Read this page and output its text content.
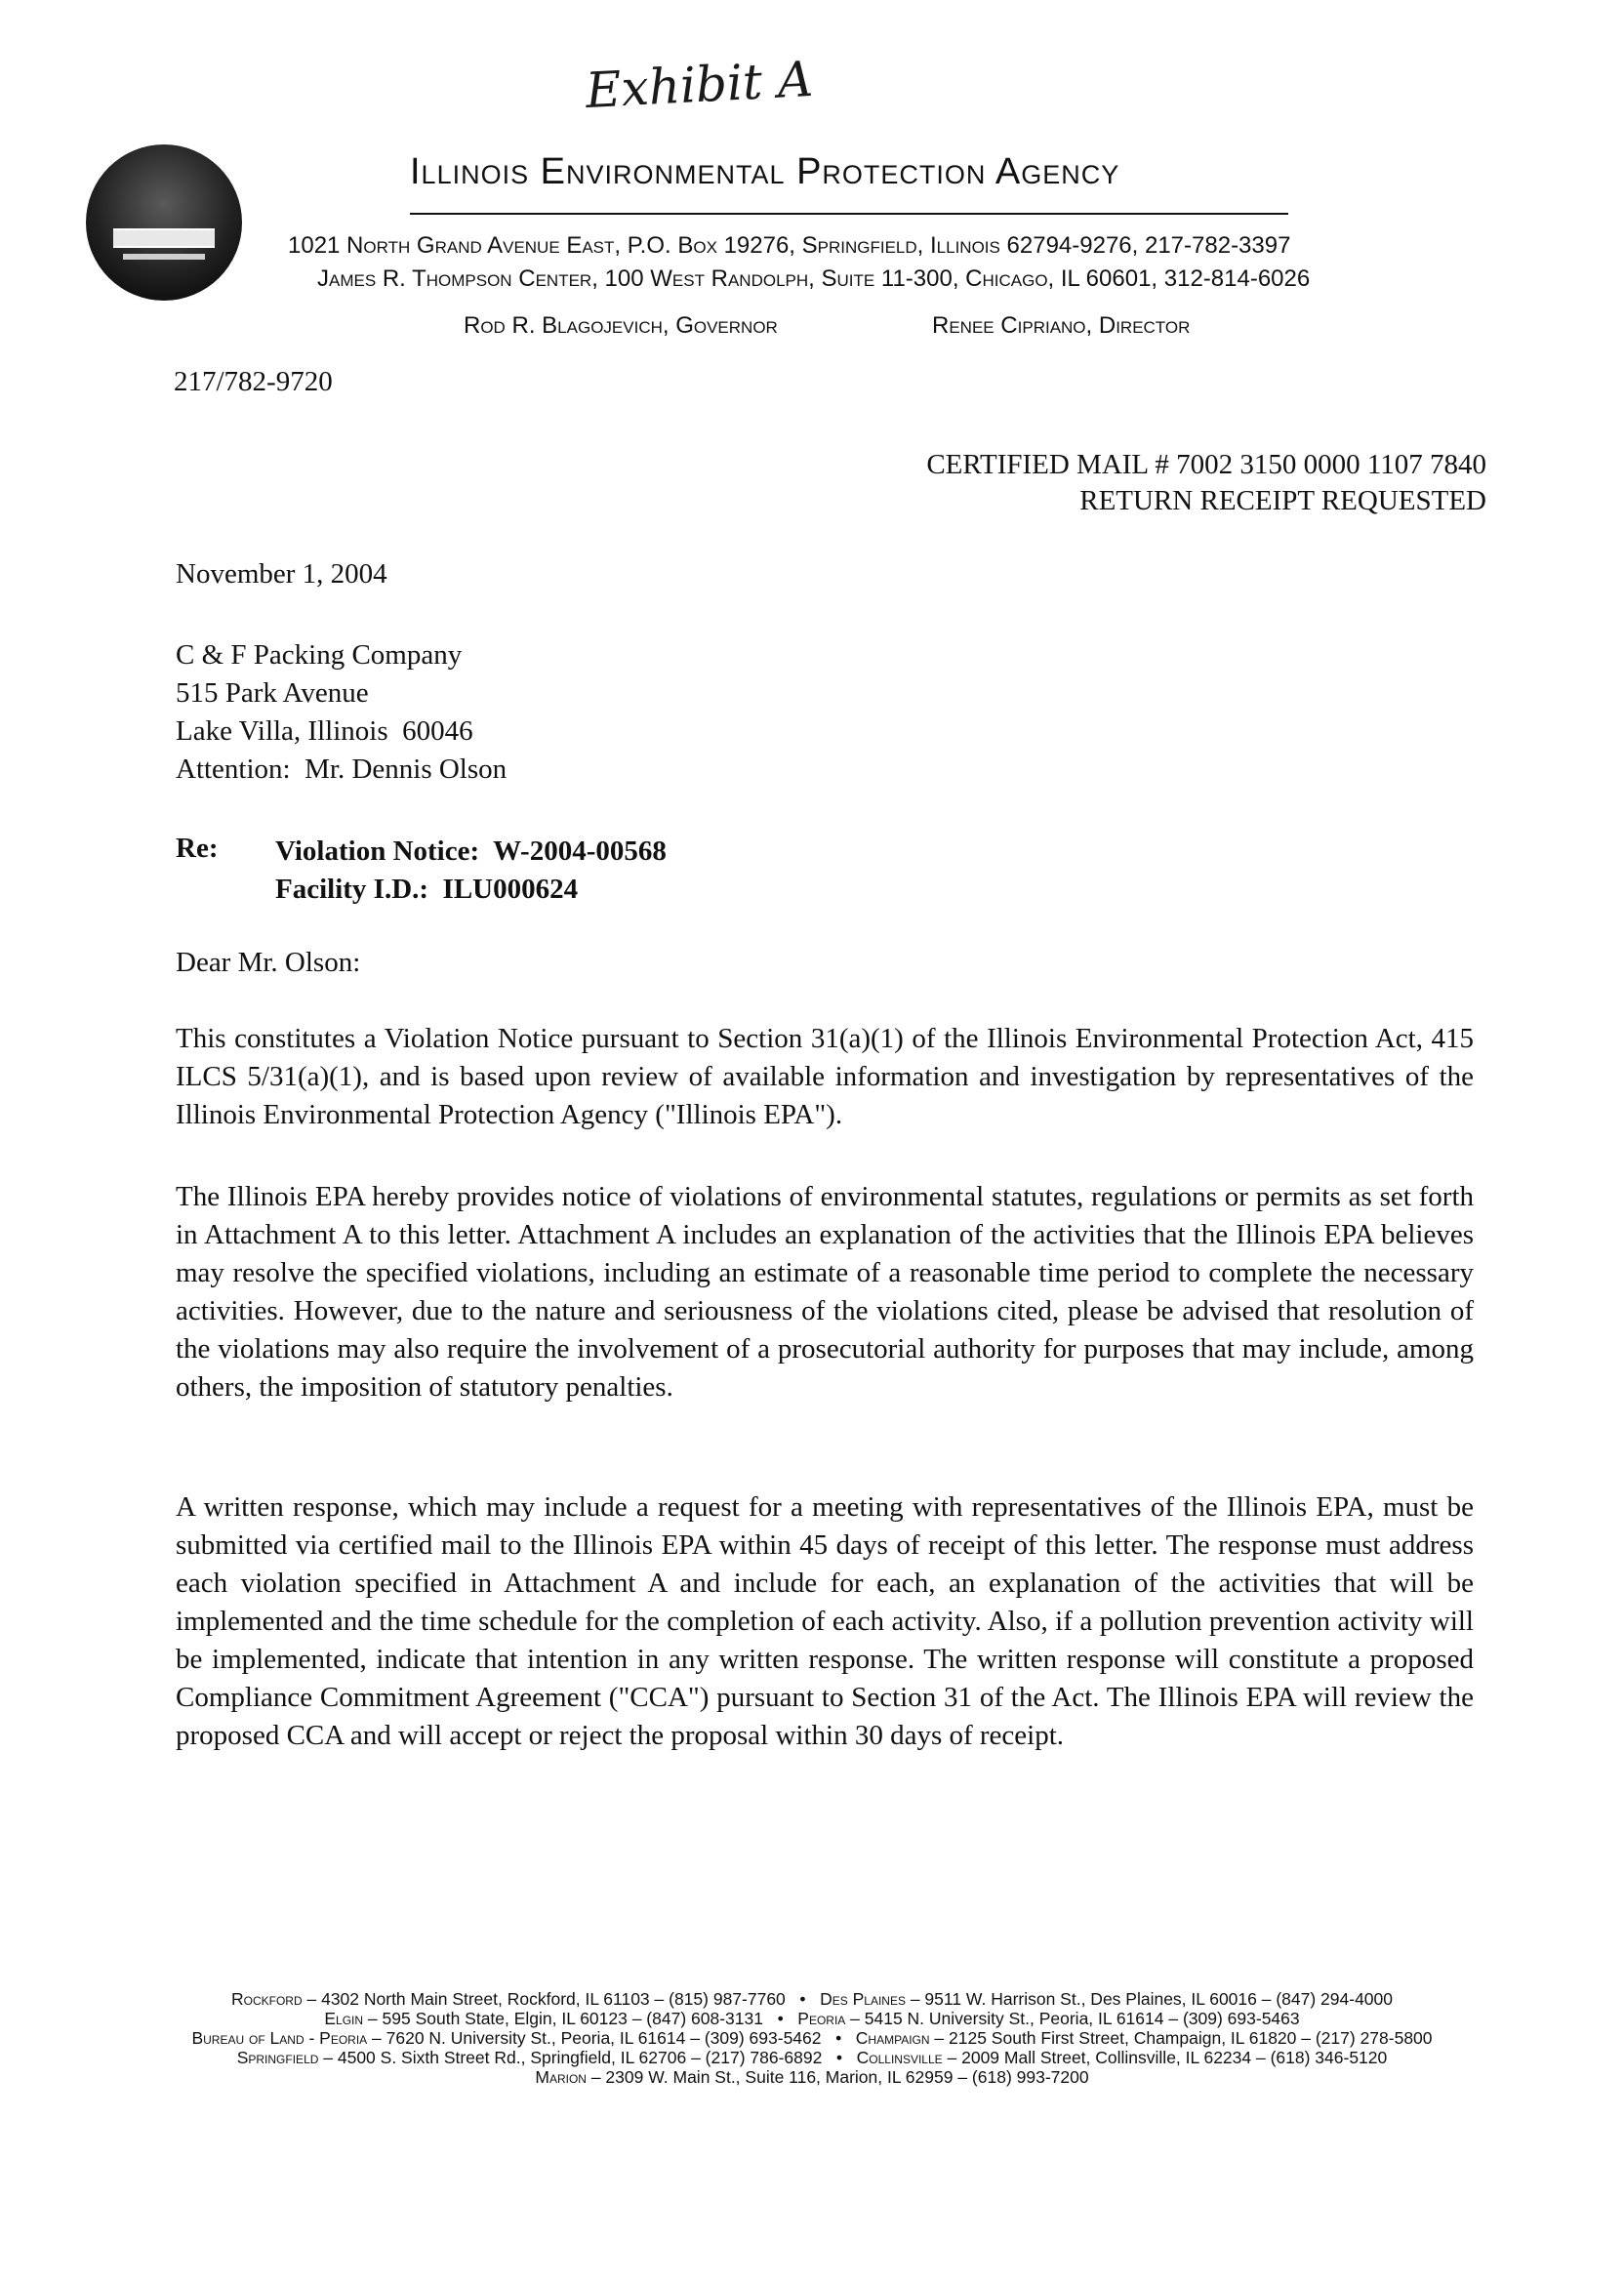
Exhibit A
Illinois Environmental Protection Agency
1021 North Grand Avenue East, P.O. Box 19276, Springfield, Illinois 62794-9276, 217-782-3397
James R. Thompson Center, 100 West Randolph, Suite 11-300, Chicago, IL 60601, 312-814-6026
Rod R. Blagojevich, Governor	Renee Cipriano, Director
217/782-9720
CERTIFIED MAIL # 7002 3150 0000 1107 7840
RETURN RECEIPT REQUESTED
November 1, 2004
C & F Packing Company
515 Park Avenue
Lake Villa, Illinois  60046
Attention:  Mr. Dennis Olson
Re: Violation Notice:  W-2004-00568
Facility I.D.:  ILU000624
Dear Mr. Olson:
This constitutes a Violation Notice pursuant to Section 31(a)(1) of the Illinois Environmental Protection Act, 415 ILCS 5/31(a)(1), and is based upon review of available information and investigation by representatives of the Illinois Environmental Protection Agency ("Illinois EPA").
The Illinois EPA hereby provides notice of violations of environmental statutes, regulations or permits as set forth in Attachment A to this letter. Attachment A includes an explanation of the activities that the Illinois EPA believes may resolve the specified violations, including an estimate of a reasonable time period to complete the necessary activities. However, due to the nature and seriousness of the violations cited, please be advised that resolution of the violations may also require the involvement of a prosecutorial authority for purposes that may include, among others, the imposition of statutory penalties.
A written response, which may include a request for a meeting with representatives of the Illinois EPA, must be submitted via certified mail to the Illinois EPA within 45 days of receipt of this letter. The response must address each violation specified in Attachment A and include for each, an explanation of the activities that will be implemented and the time schedule for the completion of each activity. Also, if a pollution prevention activity will be implemented, indicate that intention in any written response. The written response will constitute a proposed Compliance Commitment Agreement ("CCA") pursuant to Section 31 of the Act. The Illinois EPA will review the proposed CCA and will accept or reject the proposal within 30 days of receipt.
Rockford – 4302 North Main Street, Rockford, IL 61103 – (815) 987-7760   •   Des Plaines – 9511 W. Harrison St., Des Plaines, IL 60016 – (847) 294-4000
Elgin – 595 South State, Elgin, IL 60123 – (847) 608-3131   •   Peoria – 5415 N. University St., Peoria, IL 61614 – (309) 693-5463
Bureau of Land - Peoria – 7620 N. University St., Peoria, IL 61614 – (309) 693-5462   •   Champaign – 2125 South First Street, Champaign, IL 61820 – (217) 278-5800
Springfield – 4500 S. Sixth Street Rd., Springfield, IL 62706 – (217) 786-6892   •   Collinsville – 2009 Mall Street, Collinsville, IL 62234 – (618) 346-5120
Marion – 2309 W. Main St., Suite 116, Marion, IL 62959 – (618) 993-7200
